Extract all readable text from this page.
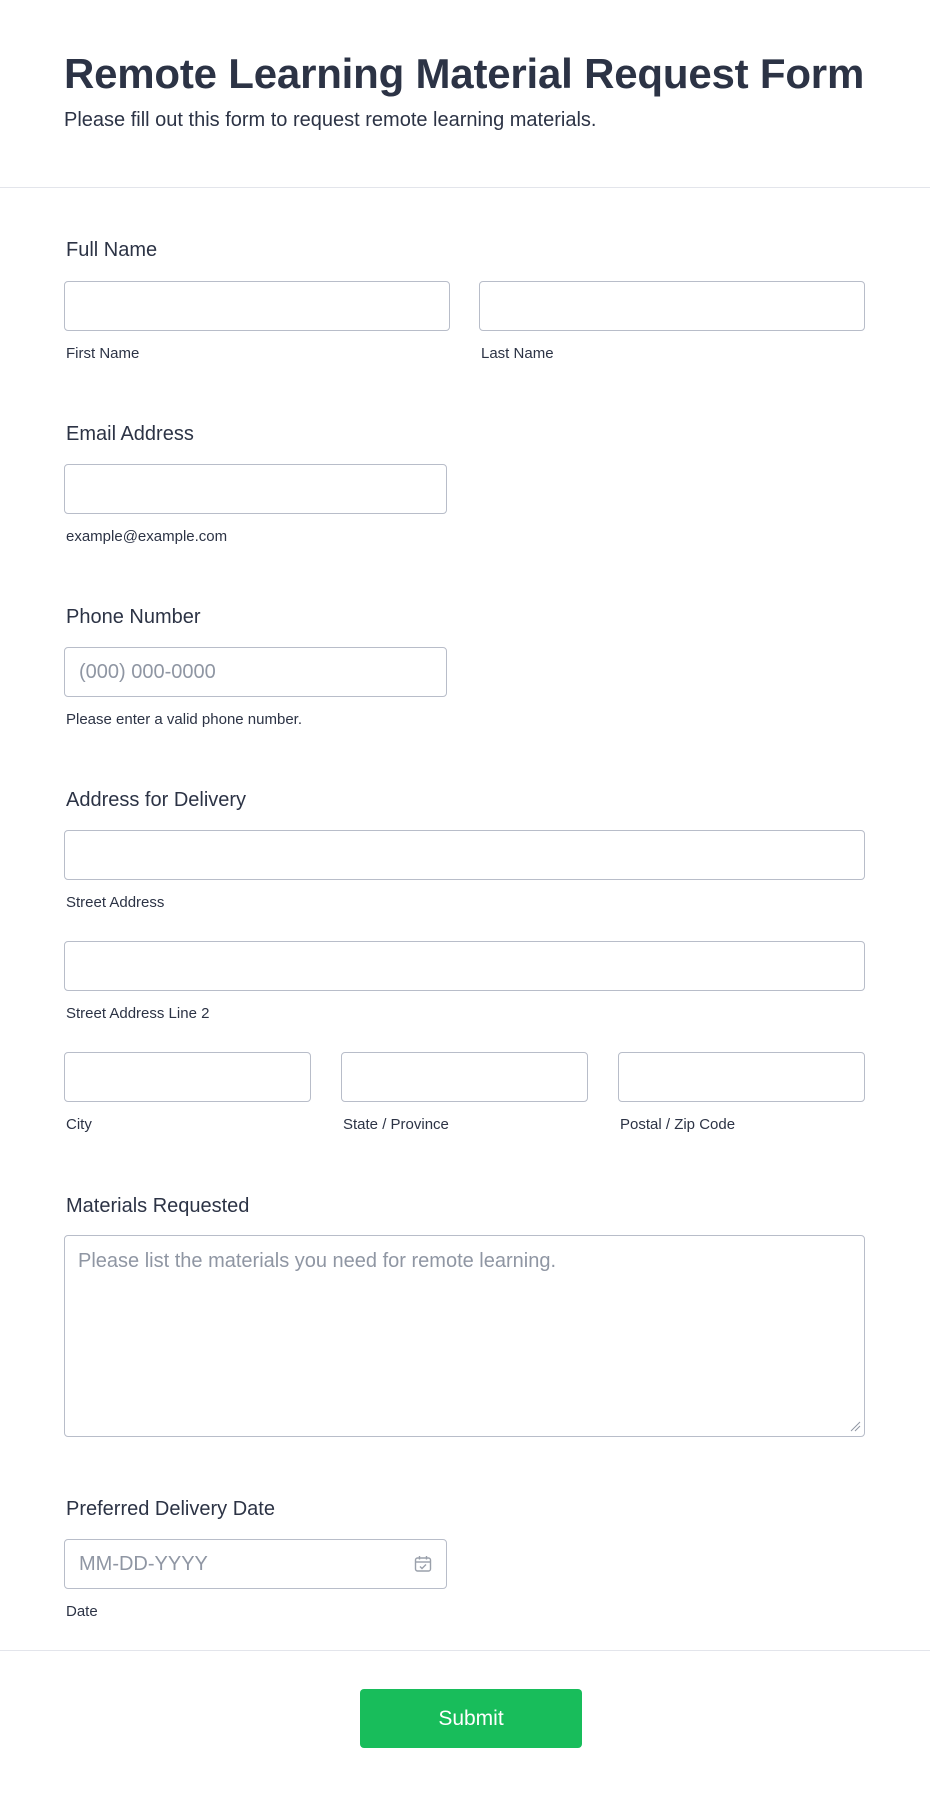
Remote Learning Material Request Form
Please fill out this form to request remote learning materials.
Full Name
First Name	Last Name
Email Address
example@example.com
Phone Number
(000) 000-0000
Please enter a valid phone number.
Address for Delivery
Street Address
Street Address Line 2
City	State / Province	Postal / Zip Code
Materials Requested
Please list the materials you need for remote learning.
Preferred Delivery Date
MM-DD-YYYY
Date
Submit
